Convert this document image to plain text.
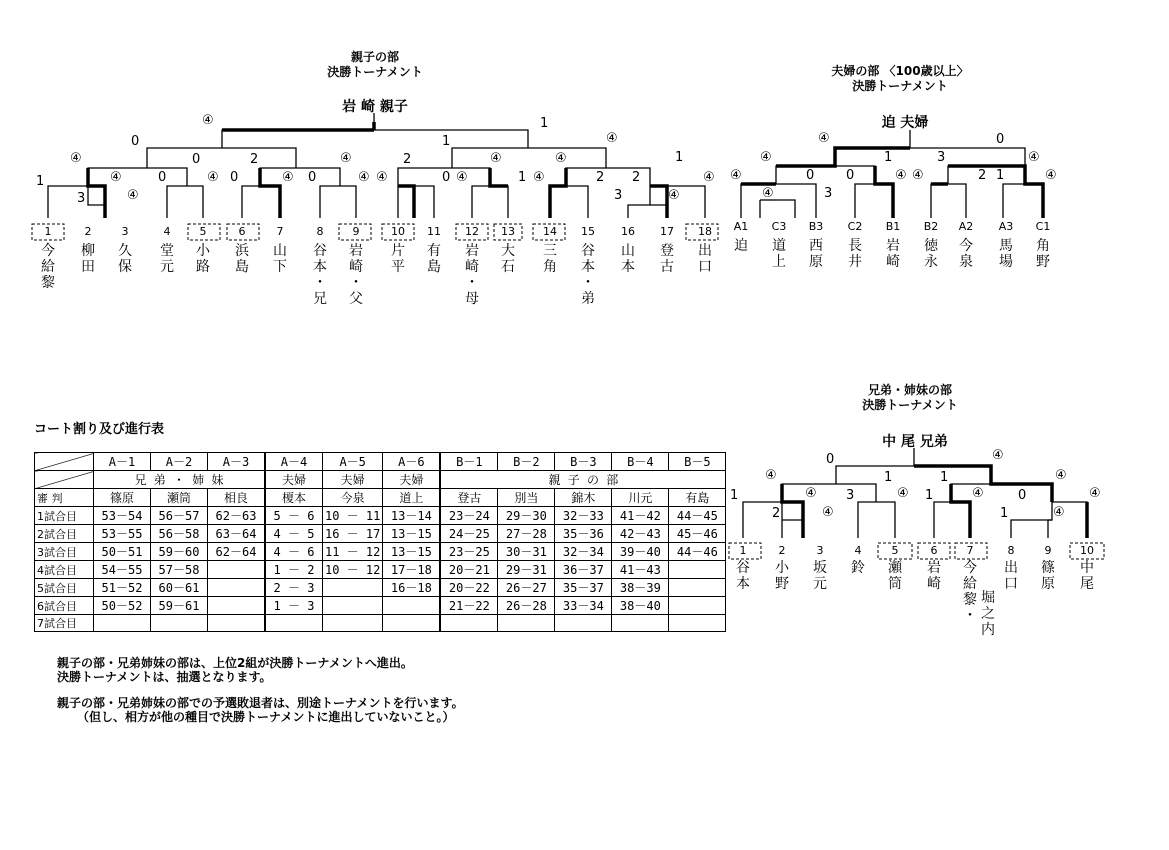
親子の部
決勝トーナメント
岩 崎 親子
夫婦の部 〈100歳以上〉
決勝トーナメント
迫 夫婦
兄弟・姉妹の部
決勝トーナメント
中 尾 兄弟
④
0
1
④
1
④	0	2	④	2	④	④	1
1
3
④
④
0	④ 0	④ 0	④ ④	0 ④	1 ④	2 2
3	④
④
④	0
④	1	3	④
④	0 0	④ ④	2 1	④
④	3
0	④
④	1	1	④
1	④ 3	④ 1	④	0	④
2	④	1	④
1
今
給
黎
2
柳
田
3
久
保
4
堂
元
5
小
路
6
浜
島
7
山
下
8
谷
本
・
兄
9
岩
崎
・
父
10
片
平
11
有
島
12
岩
崎
・
母
13
大
石
14
三
角
15
谷
本
・
弟
16
山
本
17
登
古
18
出
口
A1
迫
C3
道
上
B3
西
原
C2
長
井
B1
岩
崎
B2
徳
永
A2
今
泉
A3
馬
場
C1
角
野
1
谷
本
2
小
野
3
坂
元
4
鈴
5
瀬
筒
6
岩
崎
7
今
給
黎
・
堀
之
内
8
出
口
9
篠
原
10
中
尾
コート割り及び進行表
	A－1	A－2	A－3	A－4	A－5	A－6	B－1	B－2	B－3	B－4	B－5
	兄 弟 ・ 姉 妹			夫婦	夫婦	夫婦	親 子 の 部				
審 判	篠原	瀬筒	相良	榎本	今泉	道上	登古	別当	錦木	川元	有島
1試合目	53－54	56－57	62－63	5 － 6	10 － 11	13－14	23－24	29－30	32－33	41－42	44－45
2試合目	53－55	56－58	63－64	4 － 5	16 － 17	13－15	24－25	27－28	35－36	42－43	45－46
3試合目	50－51	59－60	62－64	4 － 6	11 － 12	13－15	23－25	30－31	32－34	39－40	44－46
4試合目	54－55	57－58		1 － 2	10 － 12	17－18	20－21	29－31	36－37	41－43	
5試合目	51－52	60－61		2 － 3		16－18	20－22	26－27	35－37	38－39	
6試合目	50－52	59－61		1 － 3			21－22	26－28	33－34	38－40	
7試合目											
親子の部・兄弟姉妹の部は、上位2組が決勝トーナメントへ進出。
決勝トーナメントは、抽選となります。
親子の部・兄弟姉妹の部での予選敗退者は、別途トーナメントを行います。
（但し、相方が他の種目で決勝トーナメントに進出していないこと。）
